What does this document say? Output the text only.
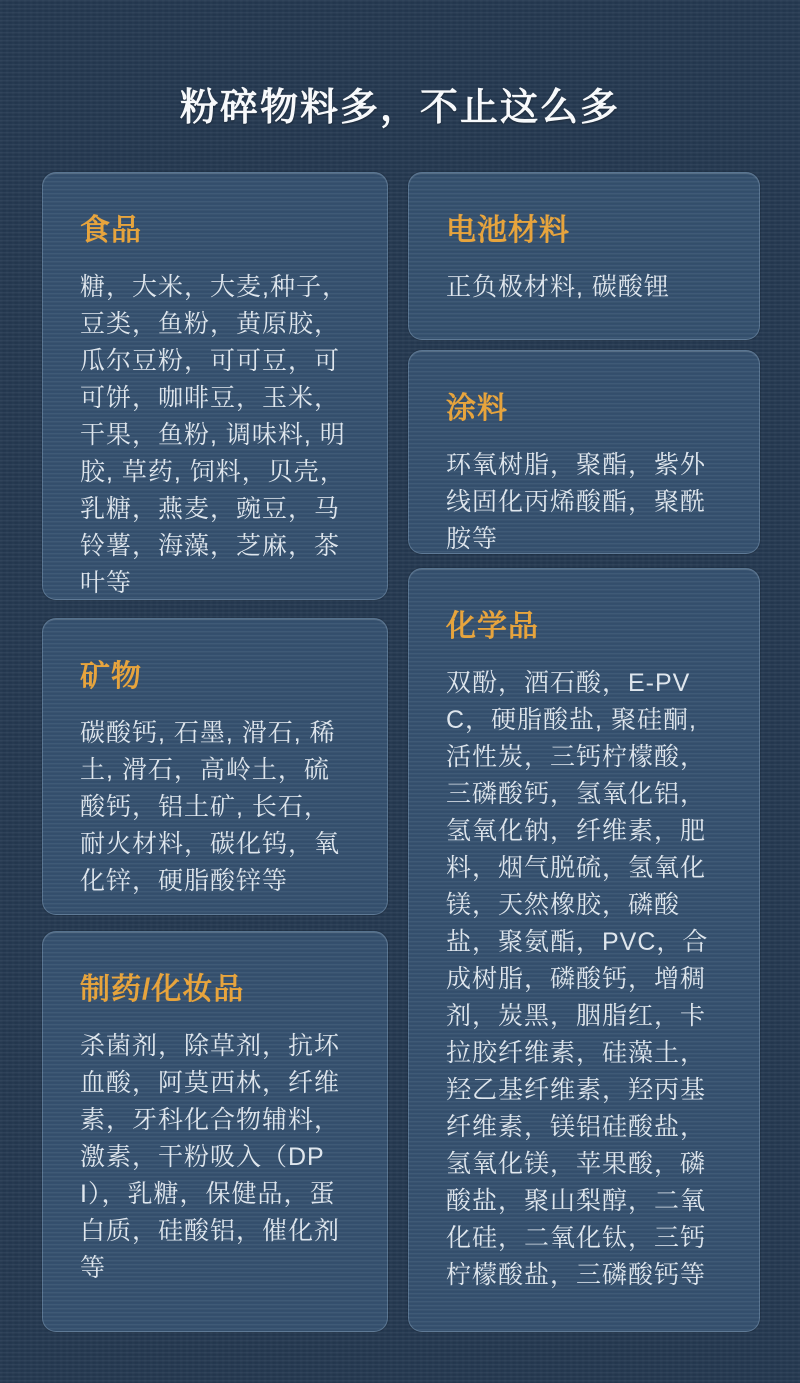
粉碎物料多，不止这么多
食品

糖，大米，大麦,种子，豆类，鱼粉，黄原胶，瓜尔豆粉，可可豆，可可饼，咖啡豆，玉米，干果，鱼粉, 调味料, 明胶, 草药, 饲料，贝壳，乳糖，燕麦，豌豆，马铃薯，海藻，芝麻，茶叶等

矿物

碳酸钙, 石墨, 滑石, 稀土, 滑石，高岭土，硫酸钙，铝土矿, 长石，耐火材料，碳化钨，氧化锌，硬脂酸锌等

制药/化妆品

杀菌剂，除草剂，抗坏血酸，阿莫西林，纤维素，牙科化合物辅料，激素，干粉吸入（DPI），乳糖，保健品，蛋白质，硅酸铝，催化剂等

电池材料

正负极材料, 碳酸锂

涂料

环氧树脂，聚酯，紫外线固化丙烯酸酯，聚酰胺等

化学品

双酚，酒石酸，E-PVC，硬脂酸盐, 聚硅酮, 活性炭，三钙柠檬酸，三磷酸钙，氢氧化铝，氢氧化钠，纤维素，肥料，烟气脱硫，氢氧化镁，天然橡胶，磷酸盐，聚氨酯，PVC，合成树脂，磷酸钙，增稠剂，炭黑，胭脂红，卡拉胶纤维素，硅藻土，羟乙基纤维素，羟丙基纤维素，镁铝硅酸盐，氢氧化镁，苹果酸，磷酸盐，聚山梨醇，二氧化硅，二氧化钛，三钙柠檬酸盐，三磷酸钙等
